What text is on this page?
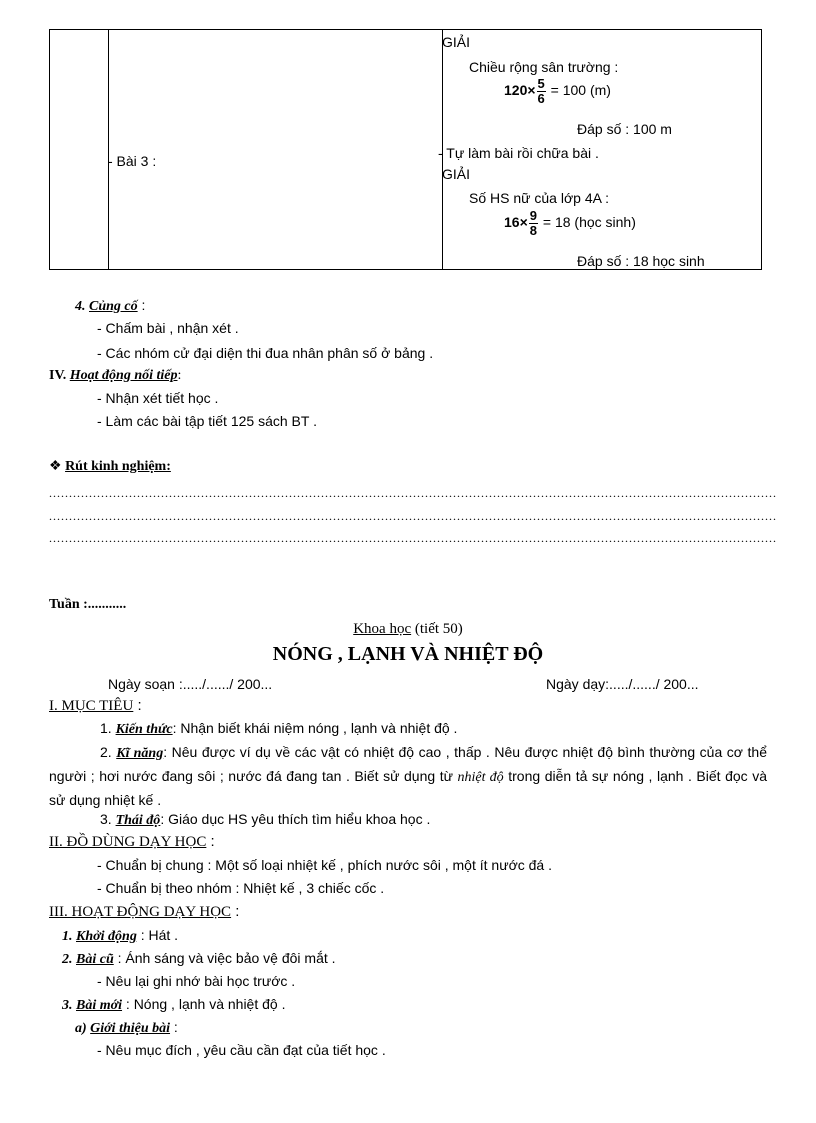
- Bài 3 :
GIẢI
Chiều rộng sân trường :
$120\times \frac{5}{6} = 100$ (m)
Đáp số : 100 m
- Tự làm bài rồi chữa bài .
GIẢI
Số HS nữ của lớp 4A :
$16\times \frac{9}{8} = 18$ (học sinh)
Đáp số : 18 học sinh
4. Củng cố :
- Chấm bài , nhận xét .
- Các nhóm cử đại diện thi đua nhân phân số ở bảng .
IV. Hoạt động nối tiếp:
- Nhận xét tiết học .
- Làm các bài tập tiết 125 sách BT .
❖ Rút kinh nghiệm:
......................................................................................................................................................................................
......................................................................................................................................................................................
......................................................................................................................................................................................
Tuần :...........
Khoa học (tiết 50)
NÓNG , LẠNH VÀ NHIỆT ĐỘ
Ngày soạn :...../....../ 200...	Ngày dạy:...../....../ 200...
I. MỤC TIÊU :
1. Kiến thức: Nhận biết khái niệm nóng , lạnh và nhiệt độ .
2. Kĩ năng: Nêu được ví dụ về các vật có nhiệt độ cao , thấp . Nêu được nhiệt độ bình thường của cơ thể người ; hơi nước đang sôi ; nước đá đang tan . Biết sử dụng từ nhiệt độ trong diễn tả sự nóng , lạnh . Biết đọc và sử dụng nhiệt kế .
3. Thái độ: Giáo dục HS yêu thích tìm hiểu khoa học .
II. ĐỒ DÙNG DẠY HỌC :
- Chuẩn bị chung : Một số loại nhiệt kế , phích nước sôi , một ít nước đá .
- Chuẩn bị theo nhóm : Nhiệt kế , 3 chiếc cốc .
III. HOẠT ĐỘNG DẠY HỌC :
1. Khởi động : Hát .
2. Bài cũ : Ánh sáng và việc bảo vệ đôi mắt .
- Nêu lại ghi nhớ bài học trước .
3. Bài mới : Nóng , lạnh và nhiệt độ .
a) Giới thiệu bài :
- Nêu mục đích , yêu cầu cần đạt của tiết học .
